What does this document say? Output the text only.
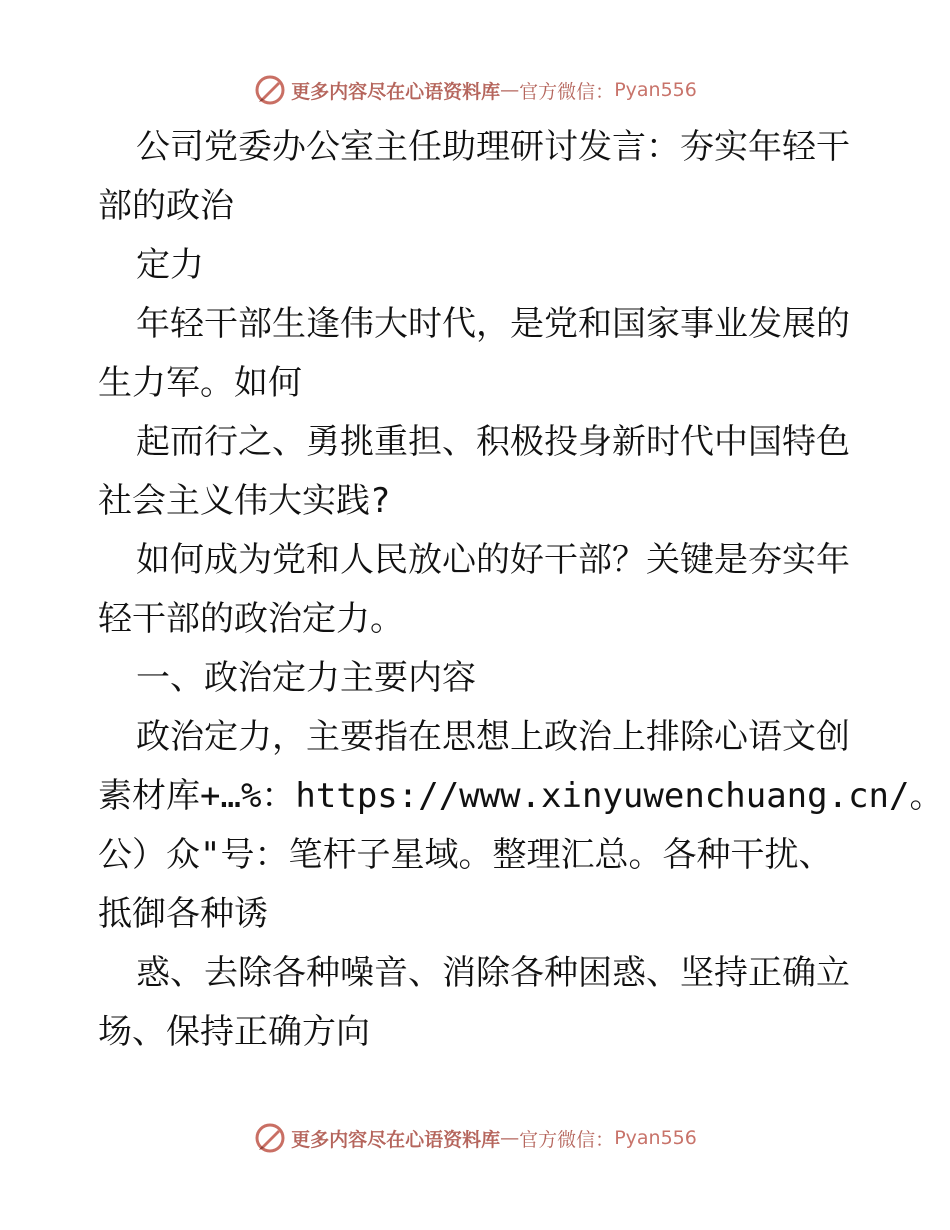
更多内容尽在心语资料库 — 官方微信： Pyan556
公司党委办公室主任助理研讨发言：夯实年轻干
部的政治
定力
年轻干部生逢伟大时代，是党和国家事业发展的
生力军。如何
起而行之、勇挑重担、积极投身新时代中国特色
社会主义伟大实践?
如何成为党和人民放心的好干部？关键是夯实年
轻干部的政治定力。
一、政治定力主要内容
政治定力，主要指在思想上政治上排除心语文创
素材库+…%：https://www.xinyuwenchuang.cn/。
公）众"号：笔杆子星域。整理汇总。各种干扰、
抵御各种诱
惑、去除各种噪音、消除各种困惑、坚持正确立
场、保持正确方向
更多内容尽在心语资料库 — 官方微信： Pyan556
